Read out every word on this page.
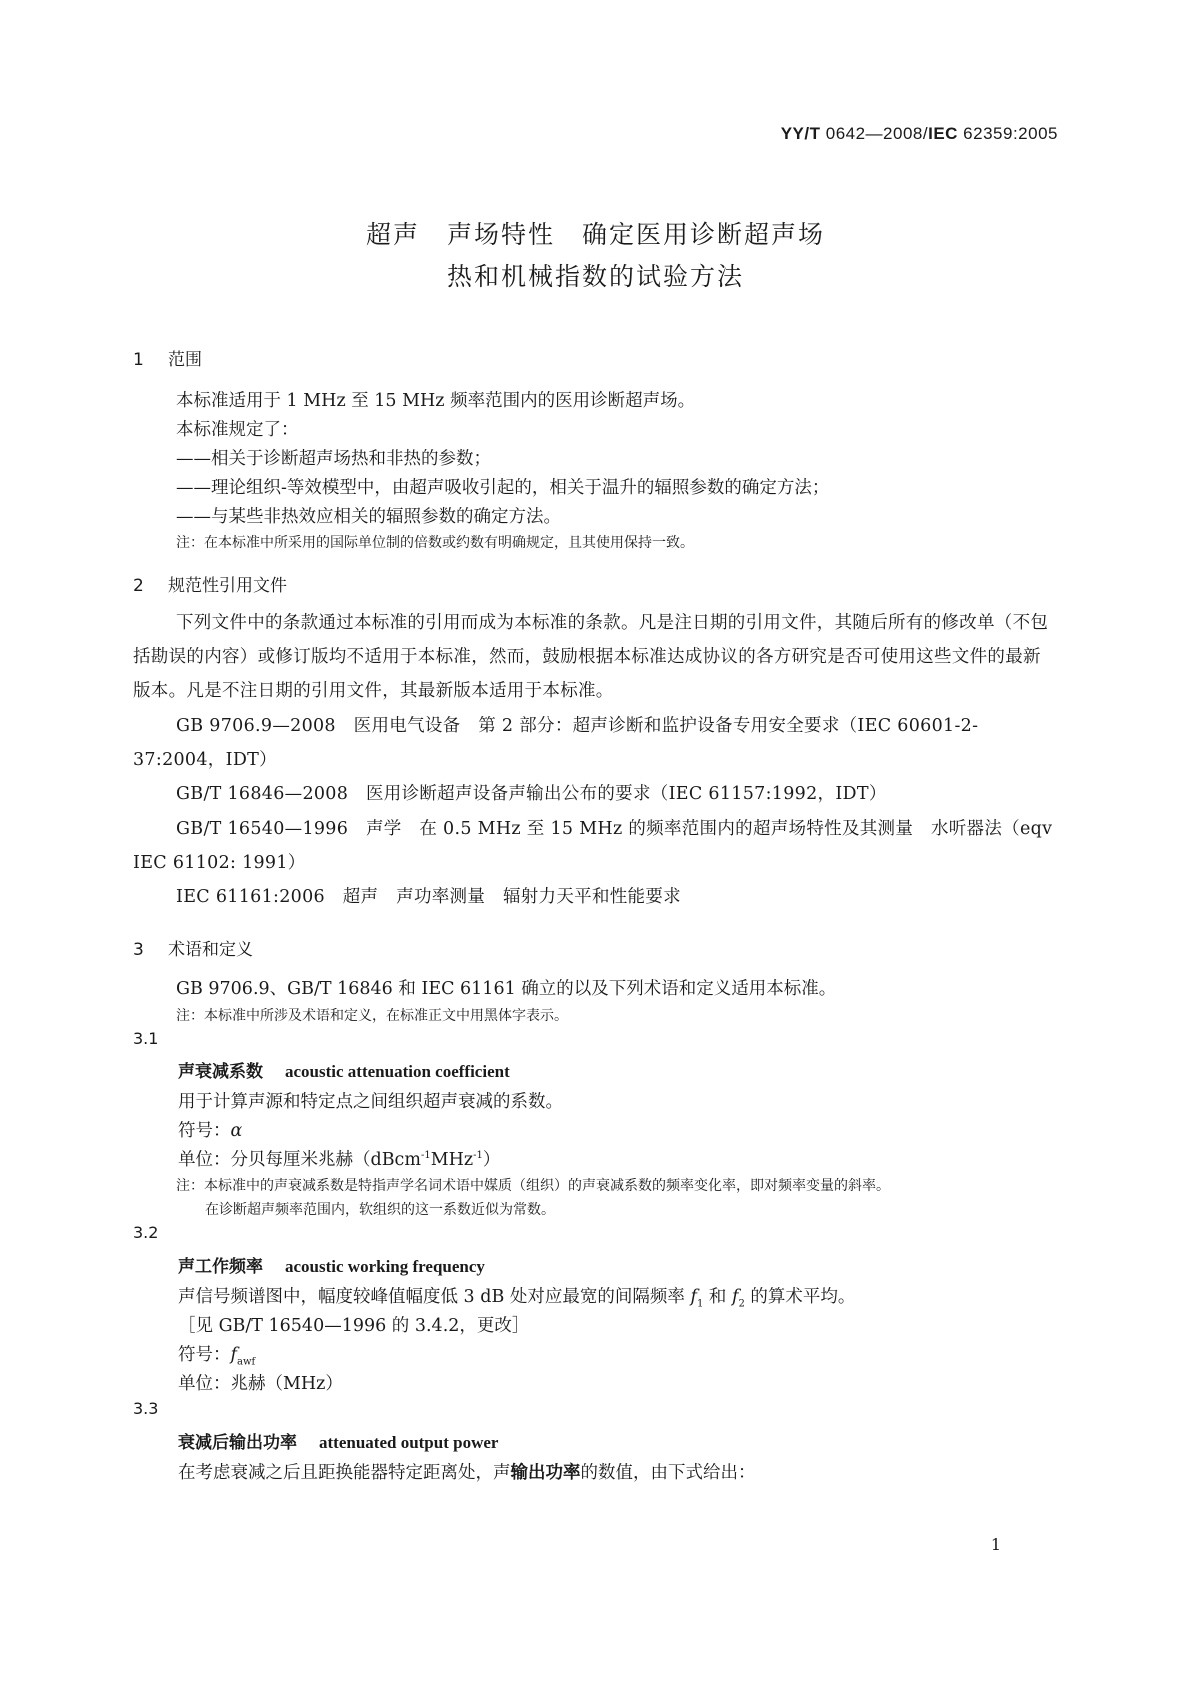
YY/T 0642—2008/IEC 62359:2005
超声　声场特性　确定医用诊断超声场
热和机械指数的试验方法
1 范围
本标准适用于 1 MHz 至 15 MHz 频率范围内的医用诊断超声场。
本标准规定了：
——相关于诊断超声场热和非热的参数；
——理论组织-等效模型中，由超声吸收引起的，相关于温升的辐照参数的确定方法；
——与某些非热效应相关的辐照参数的确定方法。
注：在本标准中所采用的国际单位制的倍数或约数有明确规定，且其使用保持一致。
2 规范性引用文件
下列文件中的条款通过本标准的引用而成为本标准的条款。凡是注日期的引用文件，其随后所有的修改单（不包括勘误的内容）或修订版均不适用于本标准，然而，鼓励根据本标准达成协议的各方研究是否可使用这些文件的最新版本。凡是不注日期的引用文件，其最新版本适用于本标准。
GB 9706.9—2008　医用电气设备　第 2 部分：超声诊断和监护设备专用安全要求（IEC 60601-2-37:2004，IDT）
GB/T 16846—2008　医用诊断超声设备声输出公布的要求（IEC 61157:1992，IDT）
GB/T 16540—1996　声学　在 0.5 MHz 至 15 MHz 的频率范围内的超声场特性及其测量　水听器法（eqv IEC 61102: 1991）
IEC 61161:2006　超声　声功率测量　辐射力天平和性能要求
3 术语和定义
GB 9706.9、GB/T 16846 和 IEC 61161 确立的以及下列术语和定义适用本标准。
注：本标准中所涉及术语和定义，在标准正文中用黑体字表示。
3.1
声衰减系数 acoustic attenuation coefficient
用于计算声源和特定点之间组织超声衰减的系数。
符号：α
单位：分贝每厘米兆赫（dBcm$^{-1}$MHz$^{-1}$）
注：本标准中的声衰减系数是特指声学名词术语中媒质（组织）的声衰减系数的频率变化率，即对频率变量的斜率。
在诊断超声频率范围内，软组织的这一系数近似为常数。
3.2
声工作频率 acoustic working frequency
声信号频谱图中，幅度较峰值幅度低 3 dB 处对应最宽的间隔频率 $f_1$ 和 $f_2$ 的算术平均。
［见 GB/T 16540—1996 的 3.4.2，更改］
符号：$f_{awf}$
单位：兆赫（MHz）
3.3
衰减后输出功率 attenuated output power
在考虑衰减之后且距换能器特定距离处，声输出功率的数值，由下式给出：
1
